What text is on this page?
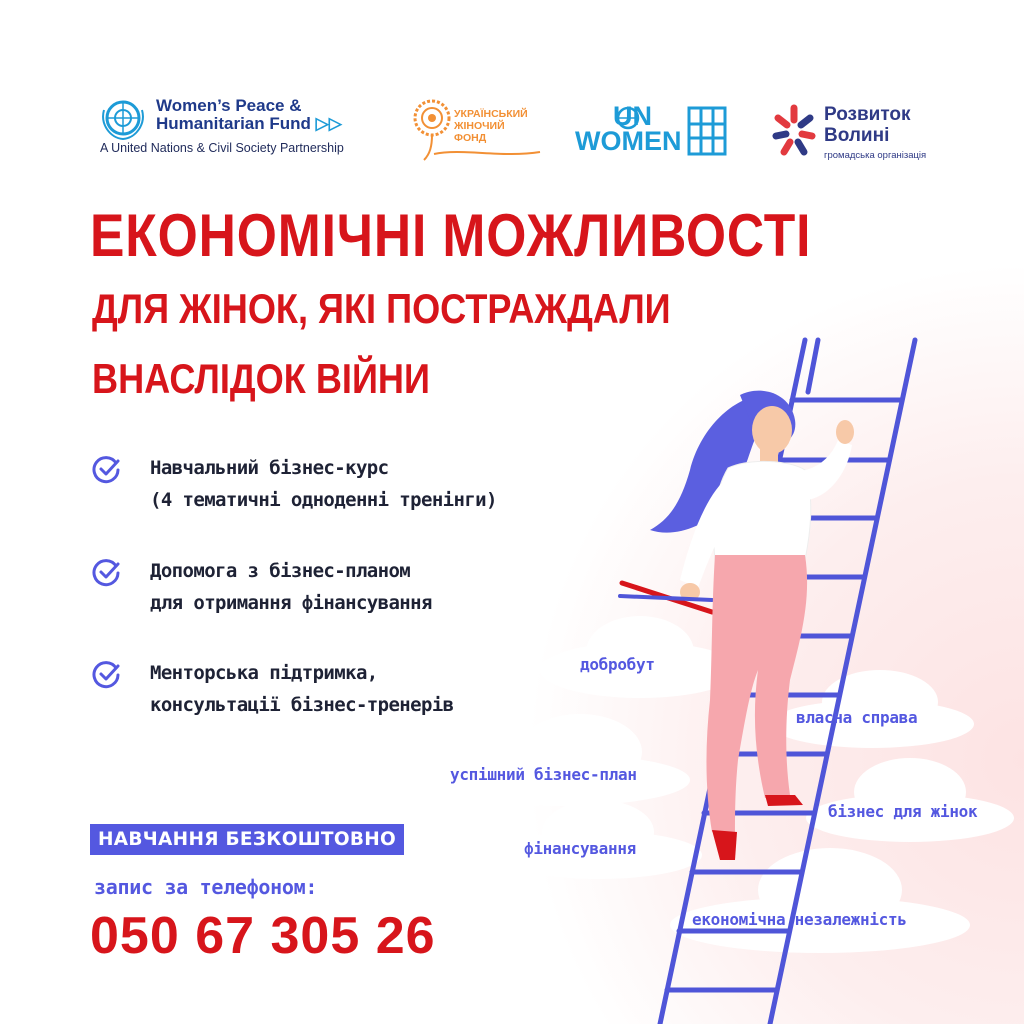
Women’s Peace &
Humanitarian Fund ▷▷
A United Nations & Civil Society Partnership
УКРАЇНСЬКИЙ
ЖІНОЧИЙ
ФОНД
UN
WOMEN
Розвиток
Волині
громадська організація
ЕКОНОМІЧНІ МОЖЛИВОСТІ
ДЛЯ ЖІНОК, ЯКІ ПОСТРАЖДАЛИ
ВНАСЛІДОК ВІЙНИ
Навчальний бізнес-курс
(4 тематичні одноденні тренінги)
Допомога з бізнес-планом
для отримання фінансування
Менторська підтримка,
консультації бізнес-тренерів
добробут
власна справа
успішний бізнес-план
бізнес для жінок
фінансування
економічна незалежність
НАВЧАННЯ БЕЗКОШТОВНО
запис за телефоном:
050 67 305 26
